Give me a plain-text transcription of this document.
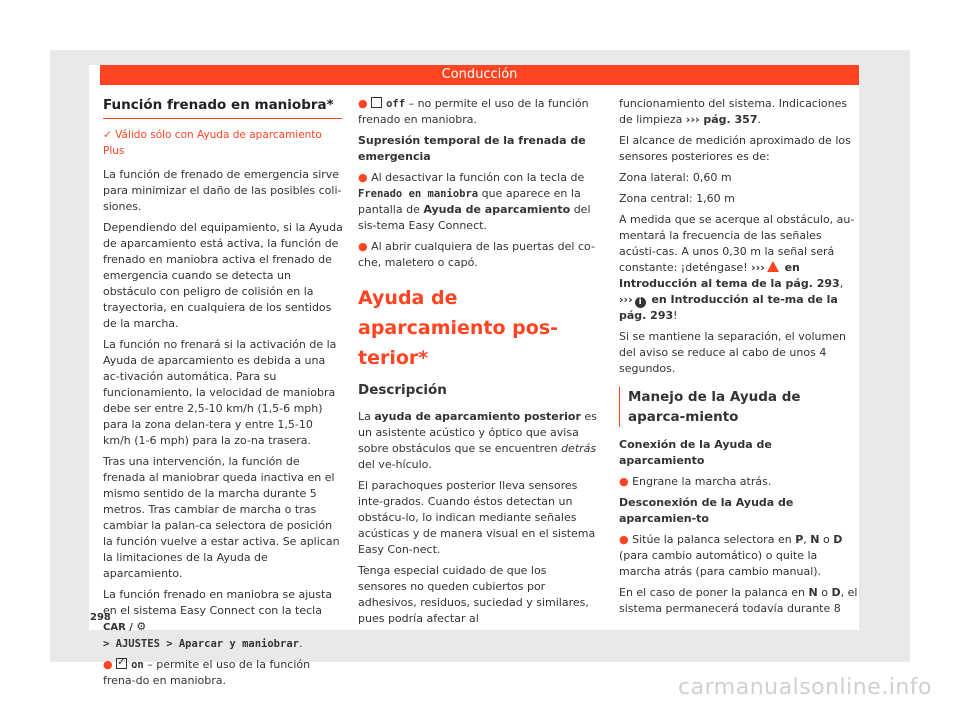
Conducción
Función frenado en maniobra*
✓ Válido sólo con Ayuda de aparcamiento Plus

La función de frenado de emergencia sirve para minimizar el daño de las posibles coli-siones.

Dependiendo del equipamiento, si la Ayuda de aparcamiento está activa, la función de frenado en maniobra activa el frenado de emergencia cuando se detecta un obstáculo con peligro de colisión en la trayectoria, en cualquiera de los sentidos de la marcha.

La función no frenará si la activación de la Ayuda de aparcamiento es debida a una ac-tivación automática. Para su funcionamiento, la velocidad de maniobra debe ser entre 2,5-10 km/h (1,5-6 mph) para la zona delan-tera y entre 1,5-10 km/h (1-6 mph) para la zo-na trasera.

Tras una intervención, la función de frenada al maniobrar queda inactiva en el mismo sentido de la marcha durante 5 metros. Tras cambiar de marcha o tras cambiar la palan-ca selectora de posición la función vuelve a estar activa. Se aplican la limitaciones de la Ayuda de aparcamiento.

La función frenado en maniobra se ajusta en el sistema Easy Connect con la tecla CAR / ⚙
> AJUSTES > Aparcar y maniobrar.

● ✓ on – permite el uso de la función frena-do en maniobra.

● off – no permite el uso de la función frenado en maniobra.

Supresión temporal de la frenada de emergencia

● Al desactivar la función con la tecla de Frenado en maniobra que aparece en la pantalla de Ayuda de aparcamiento del sis-tema Easy Connect.

● Al abrir cualquiera de las puertas del co-che, maletero o capó.

Ayuda de aparcamiento pos-terior*
Descripción

La ayuda de aparcamiento posterior es un asistente acústico y óptico que avisa sobre obstáculos que se encuentren detrás del ve-hículo.

El parachoques posterior lleva sensores inte-grados. Cuando éstos detectan un obstácu-lo, lo indican mediante señales acústicas y de manera visual en el sistema Easy Con-nect.

Tenga especial cuidado de que los sensores no queden cubiertos por adhesivos, residuos, suciedad y similares, pues podría afectar al

funcionamiento del sistema. Indicaciones de limpieza ››› pág. 357.

El alcance de medición aproximado de los sensores posteriores es de:

Zona lateral: 0,60 m

Zona central: 1,60 m

A medida que se acerque al obstáculo, au-mentará la frecuencia de las señales acústi-cas. A unos 0,30 m la señal será constante: ¡deténgase! ››› en Introducción al tema de la pág. 293, ››› i en Introducción al te-ma de la pág. 293!

Si se mantiene la separación, el volumen del aviso se reduce al cabo de unos 4 segundos.

Manejo de la Ayuda de aparca-miento

Conexión de la Ayuda de aparcamiento

● Engrane la marcha atrás.

Desconexión de la Ayuda de aparcamien-to

● Sitúe la palanca selectora en P, N o D (para cambio automático) o quite la marcha atrás (para cambio manual).

En el caso de poner la palanca en N o D, el sistema permanecerá todavía durante 8

298
carmanualsonline.info
